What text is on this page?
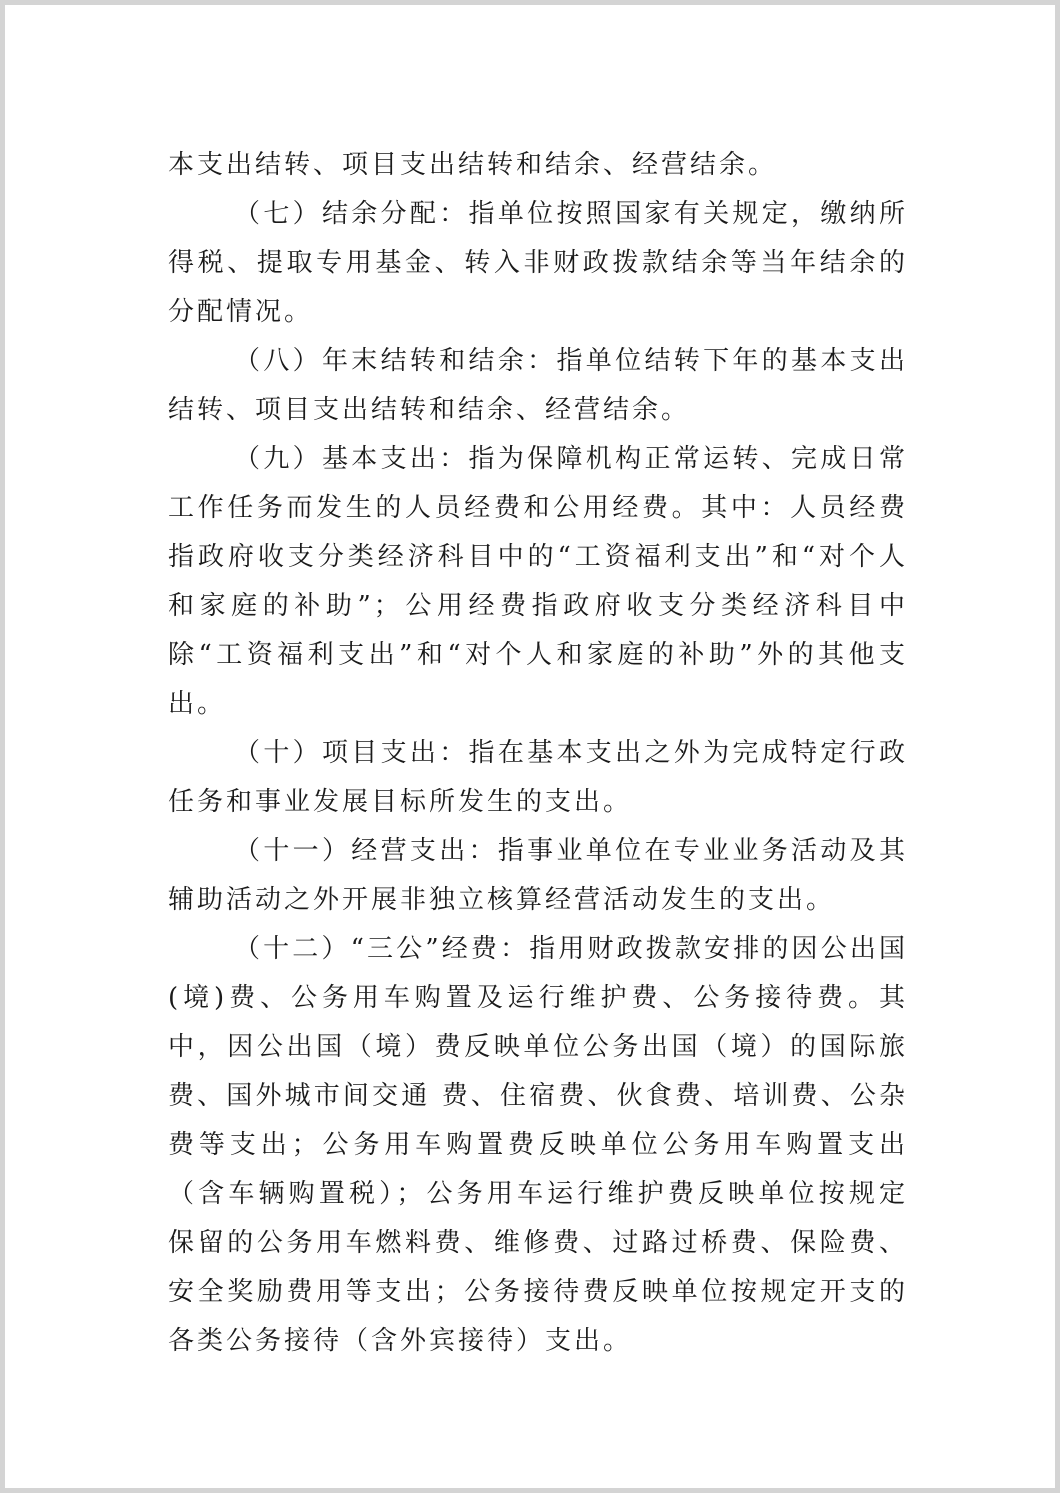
本支出结转、项目支出结转和结余、经营结余。

（七）结余分配：指单位按照国家有关规定，缴纳所得税、提取专用基金、转入非财政拨款结余等当年结余的分配情况。

（八）年末结转和结余：指单位结转下年的基本支出结转、项目支出结转和结余、经营结余。

（九）基本支出：指为保障机构正常运转、完成日常工作任务而发生的人员经费和公用经费。其中：人员经费指政府收支分类经济科目中的“工资福利支出”和“对个人和家庭的补助”；公用经费指政府收支分类经济科目中除“工资福利支出”和“对个人和家庭的补助”外的其他支出。

（十）项目支出：指在基本支出之外为完成特定行政任务和事业发展目标所发生的支出。

（十一）经营支出：指事业单位在专业业务活动及其辅助活动之外开展非独立核算经营活动发生的支出。

（十二）“三公”经费：指用财政拨款安排的因公出国(境)费、公务用车购置及运行维护费、公务接待费。其中，因公出国（境）费反映单位公务出国（境）的国际旅费、国外城市间交通 费、住宿费、伙食费、培训费、公杂费等支出；公务用车购置费反映单位公务用车购置支出（含车辆购置税）；公务用车运行维护费反映单位按规定保留的公务用车燃料费、维修费、过路过桥费、保险费、安全奖励费用等支出；公务接待费反映单位按规定开支的各类公务接待（含外宾接待）支出。
